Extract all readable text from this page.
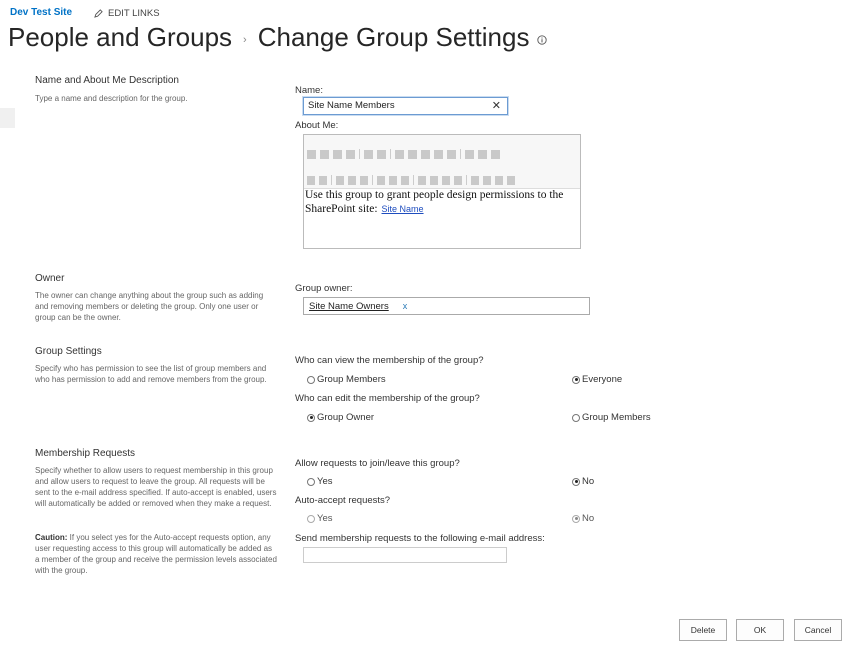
Dev Test Site	EDIT LINKS
People and Groups › Change Group Settings
Name and About Me Description
Type a name and description for the group.
Name:
Site Name Members	✕
About Me:
Use this group to grant people design permissions to the SharePoint site: Site Name
Owner
The owner can change anything about the group such as adding and removing members or deleting the group. Only one user or group can be the owner.
Group owner:
Site Name Owners x
Group Settings
Specify who has permission to see the list of group members and who has permission to add and remove members from the group.
Who can view the membership of the group?
Group Members	Everyone
Who can edit the membership of the group?
Group Owner	Group Members
Membership Requests
Specify whether to allow users to request membership in this group and allow users to request to leave the group. All requests will be sent to the e-mail address specified. If auto-accept is enabled, users will automatically be added or removed when they make a request.
Caution: If you select yes for the Auto-accept requests option, any user requesting access to this group will automatically be added as a member of the group and receive the permission levels associated with the group.
Allow requests to join/leave this group?
Yes	No
Auto-accept requests?
Yes	No
Send membership requests to the following e-mail address:
Delete	OK	Cancel
